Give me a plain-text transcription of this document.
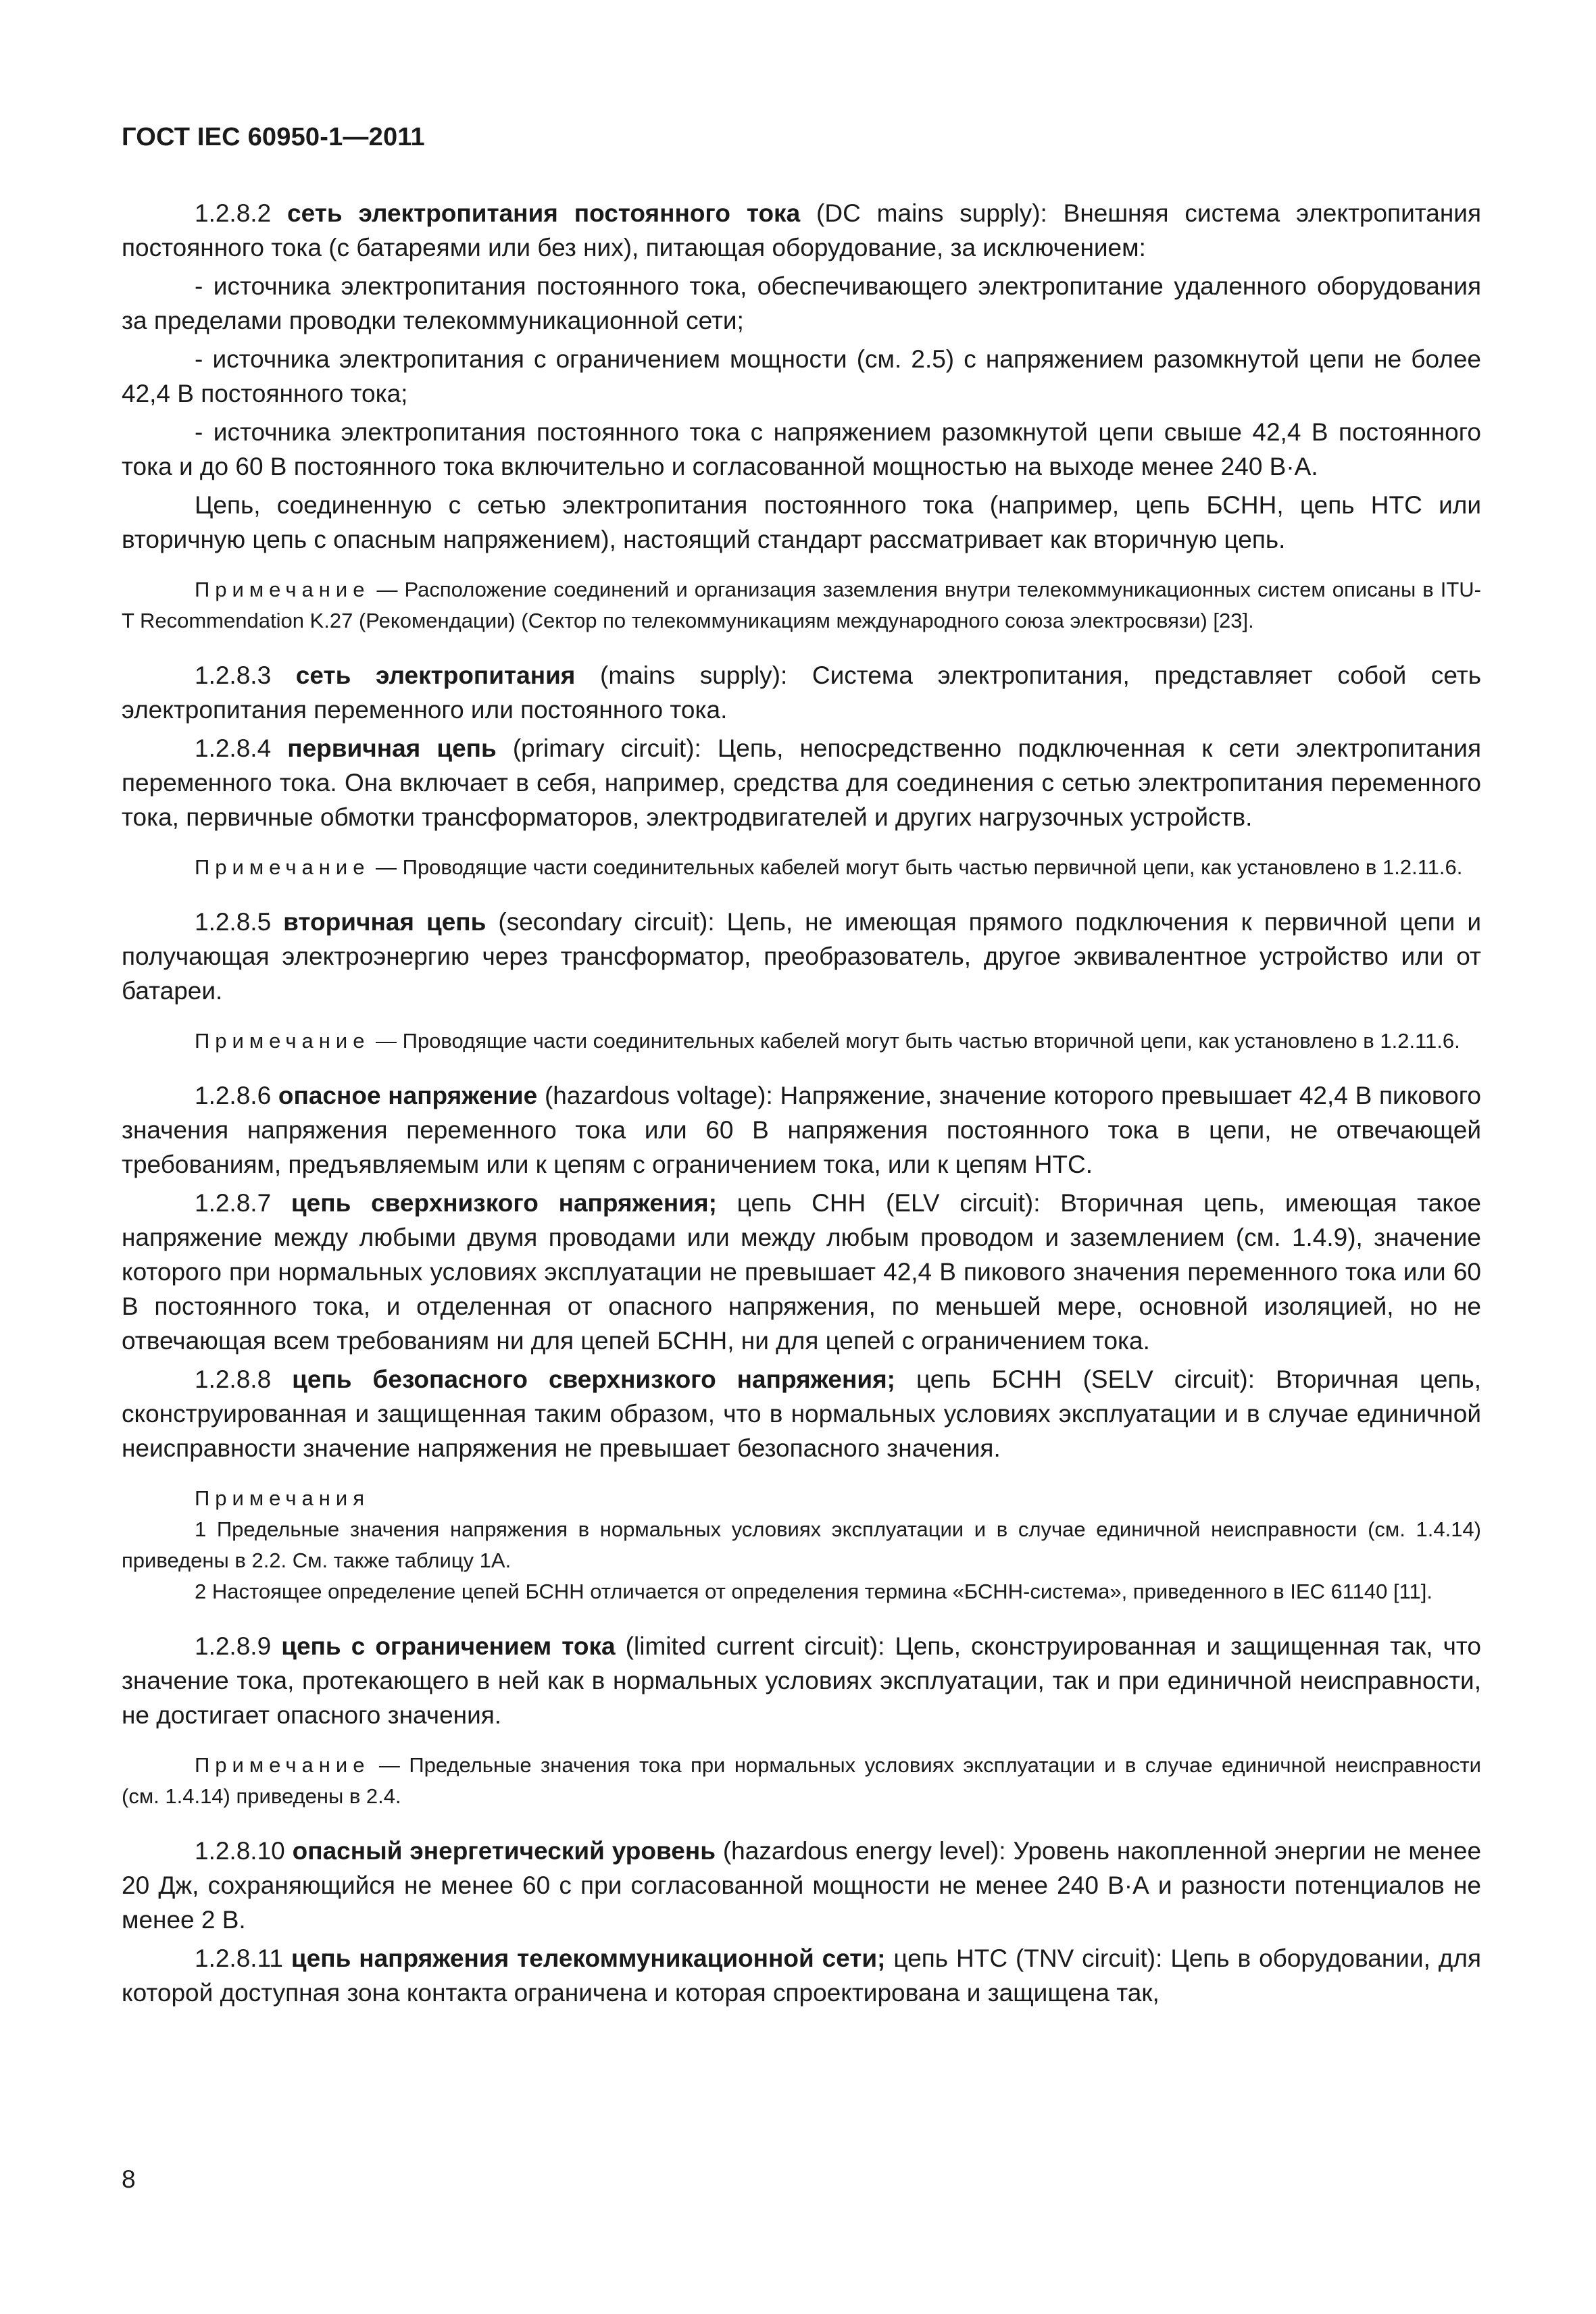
ГОСТ IEC 60950-1—2011

1.2.8.2 сеть электропитания постоянного тока (DC mains supply): Внешняя система электропитания постоянного тока (с батареями или без них), питающая оборудование, за исключением:

- источника электропитания постоянного тока, обеспечивающего электропитание удаленного оборудования за пределами проводки телекоммуникационной сети;

- источника электропитания с ограничением мощности (см. 2.5) с напряжением разомкнутой цепи не более 42,4 В постоянного тока;

- источника электропитания постоянного тока с напряжением разомкнутой цепи свыше 42,4 В постоянного тока и до 60 В постоянного тока включительно и согласованной мощностью на выходе менее 240 В·А.

Цепь, соединенную с сетью электропитания постоянного тока (например, цепь БСНН, цепь НТС или вторичную цепь с опасным напряжением), настоящий стандарт рассматривает как вторичную цепь.

Примечание — Расположение соединений и организация заземления внутри телекоммуникационных систем описаны в ITU-T Recommendation K.27 (Рекомендации) (Сектор по телекоммуникациям международного союза электросвязи) [23].

1.2.8.3 сеть электропитания (mains supply): Система электропитания, представляет собой сеть электропитания переменного или постоянного тока.

1.2.8.4 первичная цепь (primary circuit): Цепь, непосредственно подключенная к сети электропитания переменного тока. Она включает в себя, например, средства для соединения с сетью электропитания переменного тока, первичные обмотки трансформаторов, электродвигателей и других нагрузочных устройств.

Примечание — Проводящие части соединительных кабелей могут быть частью первичной цепи, как установлено в 1.2.11.6.

1.2.8.5 вторичная цепь (secondary circuit): Цепь, не имеющая прямого подключения к первичной цепи и получающая электроэнергию через трансформатор, преобразователь, другое эквивалентное устройство или от батареи.

Примечание — Проводящие части соединительных кабелей могут быть частью вторичной цепи, как установлено в 1.2.11.6.

1.2.8.6 опасное напряжение (hazardous voltage): Напряжение, значение которого превышает 42,4 В пикового значения напряжения переменного тока или 60 В напряжения постоянного тока в цепи, не отвечающей требованиям, предъявляемым или к цепям с ограничением тока, или к цепям НТС.

1.2.8.7 цепь сверхнизкого напряжения; цепь СНН (ELV circuit): Вторичная цепь, имеющая такое напряжение между любыми двумя проводами или между любым проводом и заземлением (см. 1.4.9), значение которого при нормальных условиях эксплуатации не превышает 42,4 В пикового значения переменного тока или 60 В постоянного тока, и отделенная от опасного напряжения, по меньшей мере, основной изоляцией, но не отвечающая всем требованиям ни для цепей БСНН, ни для цепей с ограничением тока.

1.2.8.8 цепь безопасного сверхнизкого напряжения; цепь БСНН (SELV circuit): Вторичная цепь, сконструированная и защищенная таким образом, что в нормальных условиях эксплуатации и в случае единичной неисправности значение напряжения не превышает безопасного значения.

Примечания

1 Предельные значения напряжения в нормальных условиях эксплуатации и в случае единичной неисправности (см. 1.4.14) приведены в 2.2. См. также таблицу 1А.

2 Настоящее определение цепей БСНН отличается от определения термина «БСНН-система», приведенного в IEC 61140 [11].

1.2.8.9 цепь с ограничением тока (limited current circuit): Цепь, сконструированная и защищенная так, что значение тока, протекающего в ней как в нормальных условиях эксплуатации, так и при единичной неисправности, не достигает опасного значения.

Примечание — Предельные значения тока при нормальных условиях эксплуатации и в случае единичной неисправности (см. 1.4.14) приведены в 2.4.

1.2.8.10 опасный энергетический уровень (hazardous energy level): Уровень накопленной энергии не менее 20 Дж, сохраняющийся не менее 60 с при согласованной мощности не менее 240 В·А и разности потенциалов не менее 2 В.

1.2.8.11 цепь напряжения телекоммуникационной сети; цепь НТС (TNV circuit): Цепь в оборудовании, для которой доступная зона контакта ограничена и которая спроектирована и защищена так,

8
